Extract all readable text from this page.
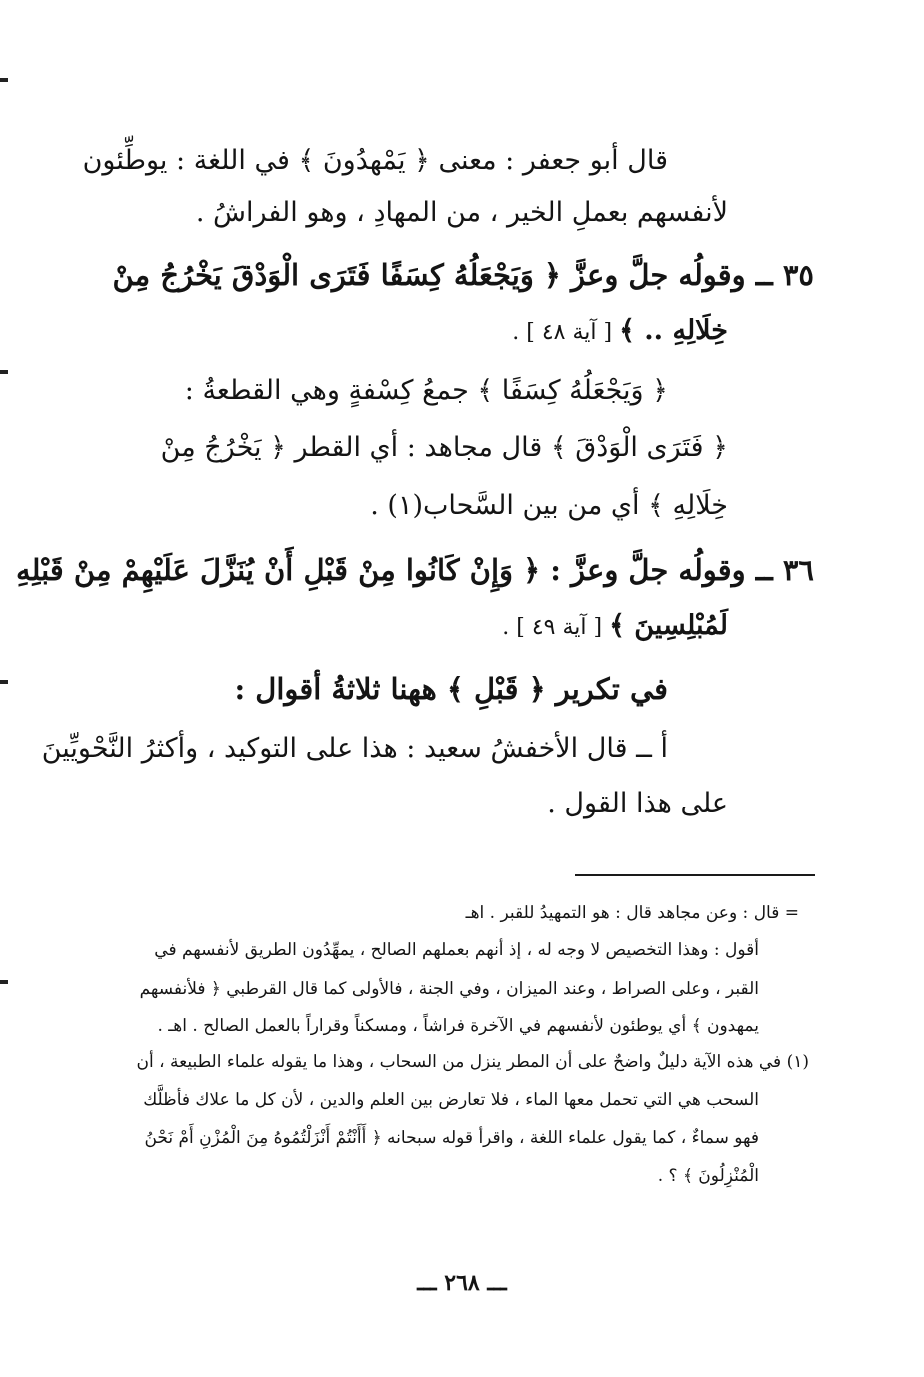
قال أبو جعفر : معنى ﴿ يَمْهدُونَ ﴾ في اللغة : يوطِّئون
لأنفسهم بعملِ الخير ، من المهادِ ، وهو الفراشُ .
٣٥ ــ وقولُه جلَّ وعزَّ ﴿ وَيَجْعَلُهُ كِسَفًا فَتَرَى الْوَدْقَ يَخْرُجُ مِنْ
خِلَالِهِ .. ﴾ [ آية ٤٨ ] .
﴿ وَيَجْعَلُهُ كِسَفًا ﴾ جمعُ كِسْفةٍ وهي القطعةُ :
﴿ فَتَرَى الْوَدْقَ ﴾ قال مجاهد : أي القطر ﴿ يَخْرُجُ مِنْ
خِلَالِهِ ﴾ أي من بين السَّحاب(١) .
٣٦ ــ وقولُه جلَّ وعزَّ : ﴿ وَإِنْ كَانُوا مِنْ قَبْلِ أَنْ يُنَزَّلَ عَلَيْهِمْ مِنْ قَبْلِهِ
لَمُبْلِسِينَ ﴾ [ آية ٤٩ ] .
في تكرير ﴿ قَبْلِ ﴾ ههنا ثلاثةُ أقوال :
أ ــ قال الأخفشُ سعيد : هذا على التوكيد ، وأكثرُ النَّحْويِّينَ
على هذا القول .
= قال : وعن مجاهد قال : هو التمهيدُ للقبر . اهـ
أقول : وهذا التخصيص لا وجه له ، إذ أنهم بعملهم الصالح ، يمهِّدُون الطريق لأنفسهم في
القبر ، وعلى الصراط ، وعند الميزان ، وفي الجنة ، فالأولى كما قال القرطبي ﴿ فلأنفسهم
يمهدون ﴾ أي يوطئون لأنفسهم في الآخرة فراشاً ، ومسكناً وقراراً بالعمل الصالح . اهـ .
(١) في هذه الآية دليلٌ واضحٌ على أن المطر ينزل من السحاب ، وهذا ما يقوله علماء الطبيعة ، أن
السحب هي التي تحمل معها الماء ، فلا تعارض بين العلم والدين ، لأن كل ما علاك فأظلَّك
فهو سماءٌ ، كما يقول علماء اللغة ، واقرأ قوله سبحانه ﴿ أَأَنْتُمْ أَنْزَلْتُمُوهُ مِنَ الْمُزْنِ أَمْ نَحْنُ
الْمُنْزِلُونَ ﴾ ؟ .
ـــ ٢٦٨ ـــ
